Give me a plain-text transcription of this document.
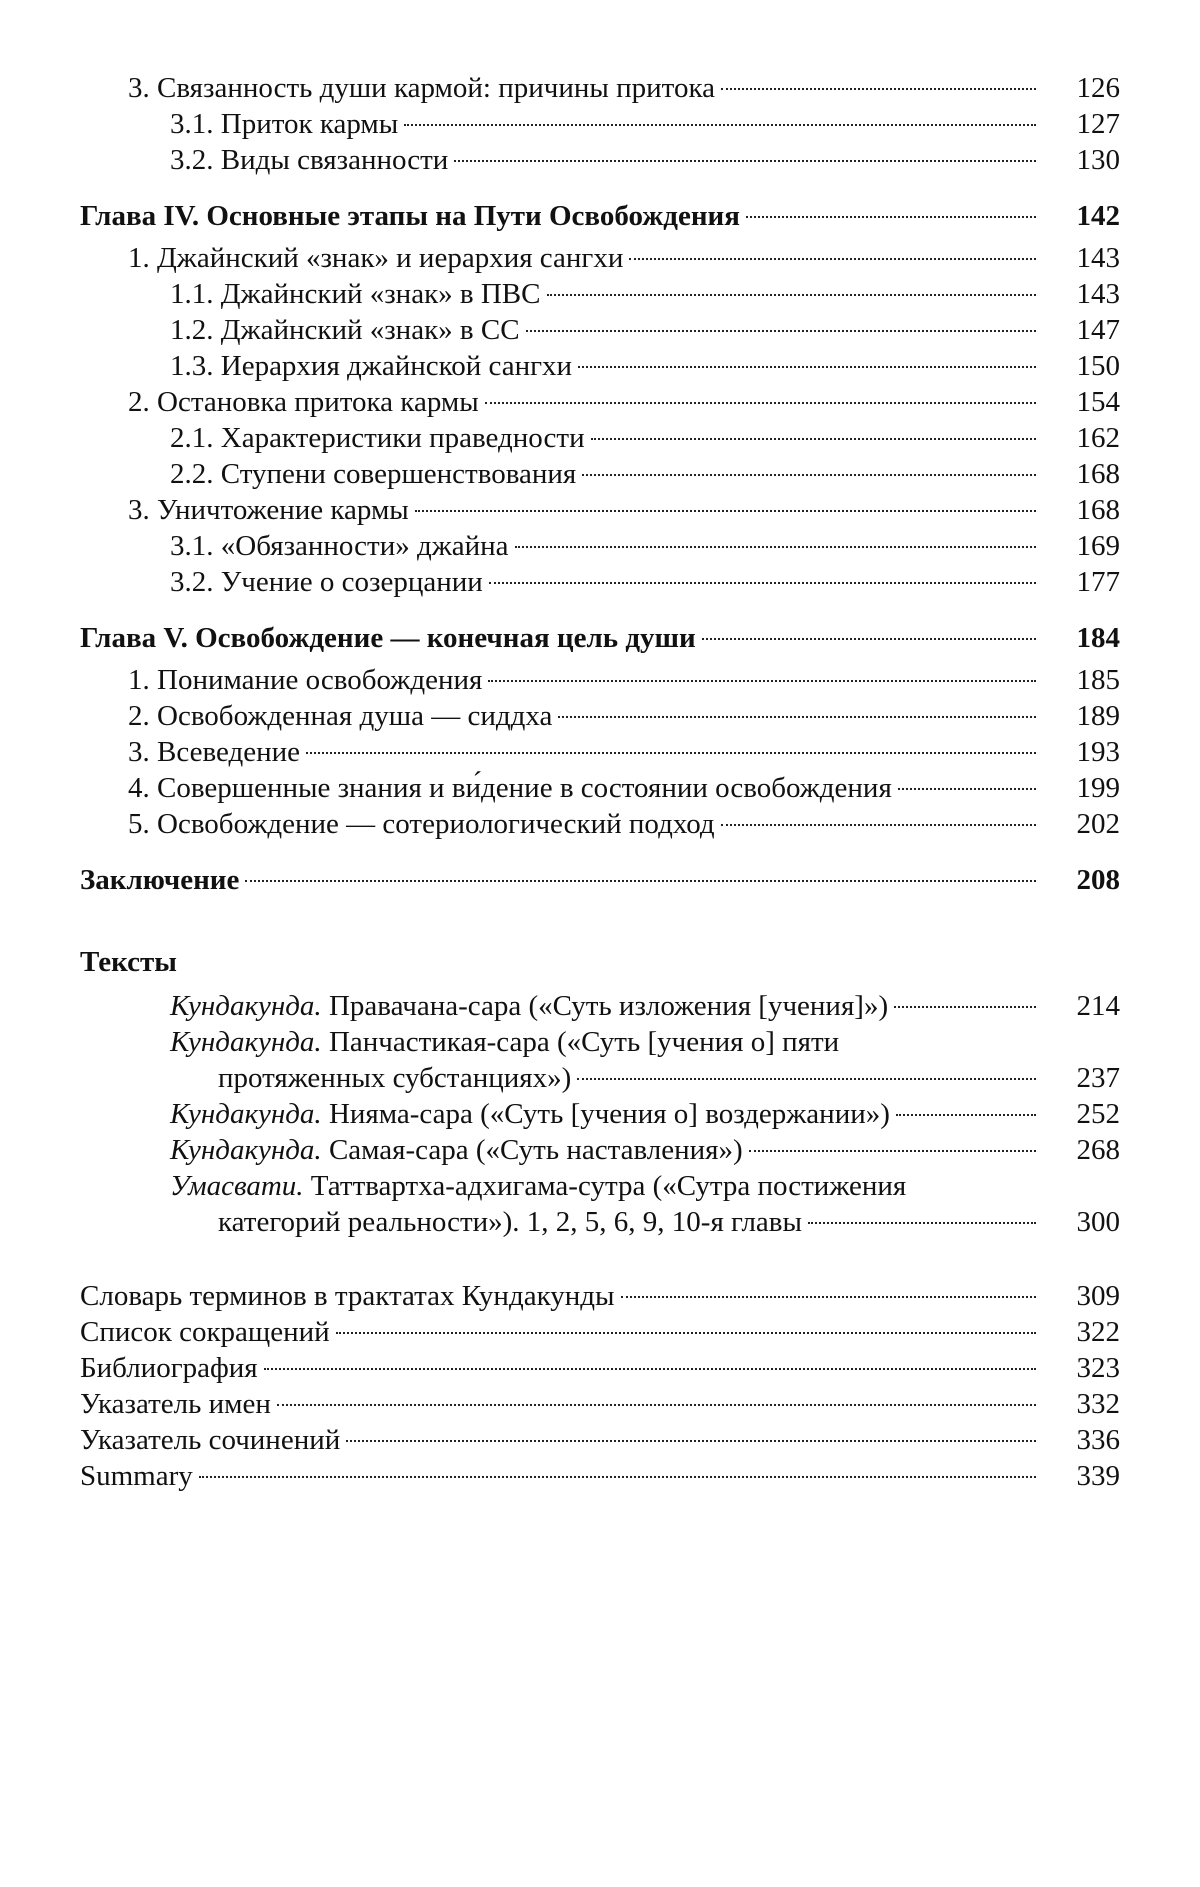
3. Связанность души кармой: причины притока	126
3.1. Приток кармы	127
3.2. Виды связанности	130
Глава IV. Основные этапы на Пути Освобождения	142
1. Джайнский «знак» и иерархия сангхи	143
1.1. Джайнский «знак» в ПВС	143
1.2. Джайнский «знак» в СС	147
1.3. Иерархия джайнской сангхи	150
2. Остановка притока кармы	154
2.1. Характеристики праведности	162
2.2. Ступени совершенствования	168
3. Уничтожение кармы	168
3.1. «Обязанности» джайна	169
3.2. Учение о созерцании	177
Глава V. Освобождение — конечная цель души	184
1. Понимание освобождения	185
2. Освобожденная душа — сиддха	189
3. Всеведение	193
4. Совершенные знания и ви́дение в состоянии освобождения	199
5. Освобождение — сотериологический подход	202
Заключение	208
Тексты
Кундакунда. Правачана-сара («Суть изложения [учения]»)	214
Кундакунда. Панчастикая-сара («Суть [учения о] пяти
протяженных субстанциях»)	237
Кундакунда. Нияма-сара («Суть [учения о] воздержании»)	252
Кундакунда. Самая-сара («Суть наставления»)	268
Умасвати. Таттвартха-адхигама-сутра («Сутра постижения
категорий реальности»). 1, 2, 5, 6, 9, 10-я главы	300
Словарь терминов в трактатах Кундакунды	309
Список сокращений	322
Библиография	323
Указатель имен	332
Указатель сочинений	336
Summary	339
